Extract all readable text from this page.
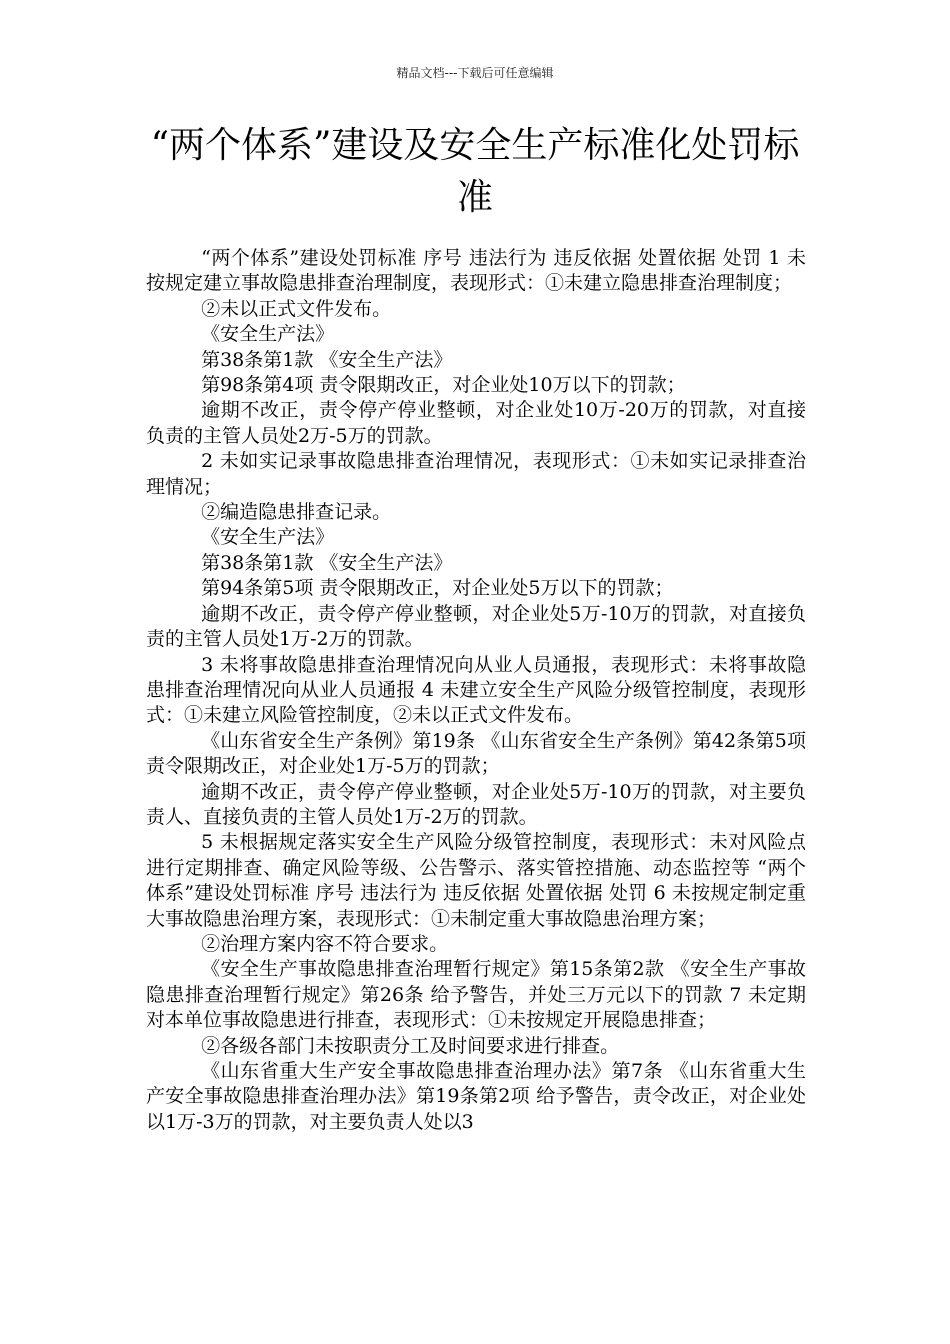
精品文档---下载后可任意编辑
“两个体系”建设及安全生产标准化处罚标准

“两个体系”建设处罚标准 序号 违法行为 违反依据 处置依据 处罚 1 未按规定建立事故隐患排查治理制度，表现形式：①未建立隐患排查治理制度；

②未以正式文件发布。

《安全生产法》

第38条第1款 《安全生产法》

第98条第4项 责令限期改正，对企业处10万以下的罚款；

逾期不改正，责令停产停业整顿，对企业处10万-20万的罚款，对直接负责的主管人员处2万-5万的罚款。

2 未如实记录事故隐患排查治理情况，表现形式：①未如实记录排查治理情况；

②编造隐患排查记录。

《安全生产法》

第38条第1款 《安全生产法》

第94条第5项 责令限期改正，对企业处5万以下的罚款；

逾期不改正，责令停产停业整顿，对企业处5万-10万的罚款，对直接负责的主管人员处1万-2万的罚款。

3 未将事故隐患排查治理情况向从业人员通报，表现形式：未将事故隐患排查治理情况向从业人员通报 4 未建立安全生产风险分级管控制度，表现形式：①未建立风险管控制度，②未以正式文件发布。

《山东省安全生产条例》第19条 《山东省安全生产条例》第42条第5项 责令限期改正，对企业处1万-5万的罚款；

逾期不改正，责令停产停业整顿，对企业处5万-10万的罚款，对主要负责人、直接负责的主管人员处1万-2万的罚款。

5 未根据规定落实安全生产风险分级管控制度，表现形式：未对风险点进行定期排查、确定风险等级、公告警示、落实管控措施、动态监控等 “两个体系”建设处罚标准 序号 违法行为 违反依据 处置依据 处罚 6 未按规定制定重大事故隐患治理方案，表现形式：①未制定重大事故隐患治理方案；

②治理方案内容不符合要求。

《安全生产事故隐患排查治理暂行规定》第15条第2款 《安全生产事故隐患排查治理暂行规定》第26条 给予警告，并处三万元以下的罚款 7 未定期对本单位事故隐患进行排查，表现形式：①未按规定开展隐患排查；

②各级各部门未按职责分工及时间要求进行排查。

《山东省重大生产安全事故隐患排查治理办法》第7条 《山东省重大生产安全事故隐患排查治理办法》第19条第2项 给予警告，责令改正，对企业处以1万-3万的罚款，对主要负责人处以3
